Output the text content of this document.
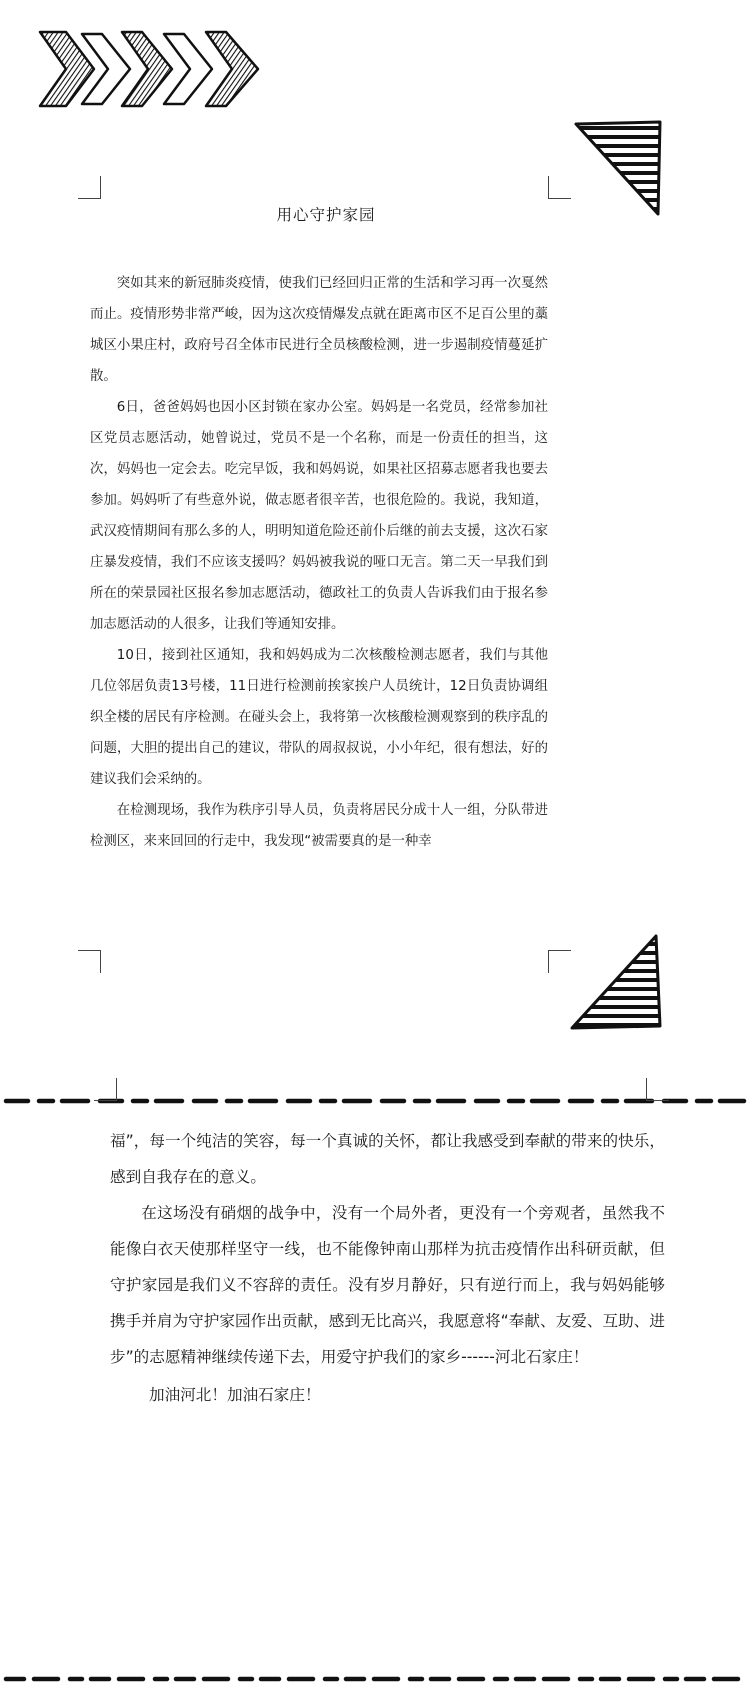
用心守护家园

突如其来的新冠肺炎疫情，使我们已经回归正常的生活和学习再一次戛然而止。疫情形势非常严峻，因为这次疫情爆发点就在距离市区不足百公里的藁城区小果庄村，政府号召全体市民进行全员核酸检测，进一步遏制疫情蔓延扩散。

6日，爸爸妈妈也因小区封锁在家办公室。妈妈是一名党员，经常参加社区党员志愿活动，她曾说过，党员不是一个名称，而是一份责任的担当，这次，妈妈也一定会去。吃完早饭，我和妈妈说，如果社区招募志愿者我也要去参加。妈妈听了有些意外说，做志愿者很辛苦，也很危险的。我说，我知道，武汉疫情期间有那么多的人，明明知道危险还前仆后继的前去支援，这次石家庄暴发疫情，我们不应该支援吗？妈妈被我说的哑口无言。第二天一早我们到所在的荣景园社区报名参加志愿活动，德政社工的负责人告诉我们由于报名参加志愿活动的人很多，让我们等通知安排。

10日，接到社区通知，我和妈妈成为二次核酸检测志愿者，我们与其他几位邻居负责13号楼，11日进行检测前挨家挨户人员统计，12日负责协调组织全楼的居民有序检测。在碰头会上，我将第一次核酸检测观察到的秩序乱的问题，大胆的提出自己的建议，带队的周叔叔说，小小年纪，很有想法，好的建议我们会采纳的。

在检测现场，我作为秩序引导人员，负责将居民分成十人一组，分队带进检测区，来来回回的行走中，我发现“被需要真的是一种幸

福”，每一个纯洁的笑容，每一个真诚的关怀，都让我感受到奉献的带来的快乐，感到自我存在的意义。

在这场没有硝烟的战争中，没有一个局外者，更没有一个旁观者，虽然我不能像白衣天使那样坚守一线，也不能像钟南山那样为抗击疫情作出科研贡献，但守护家园是我们义不容辞的责任。没有岁月静好，只有逆行而上，我与妈妈能够携手并肩为守护家园作出贡献，感到无比高兴，我愿意将“奉献、友爱、互助、进步”的志愿精神继续传递下去，用爱守护我们的家乡------河北石家庄！

加油河北！加油石家庄！
